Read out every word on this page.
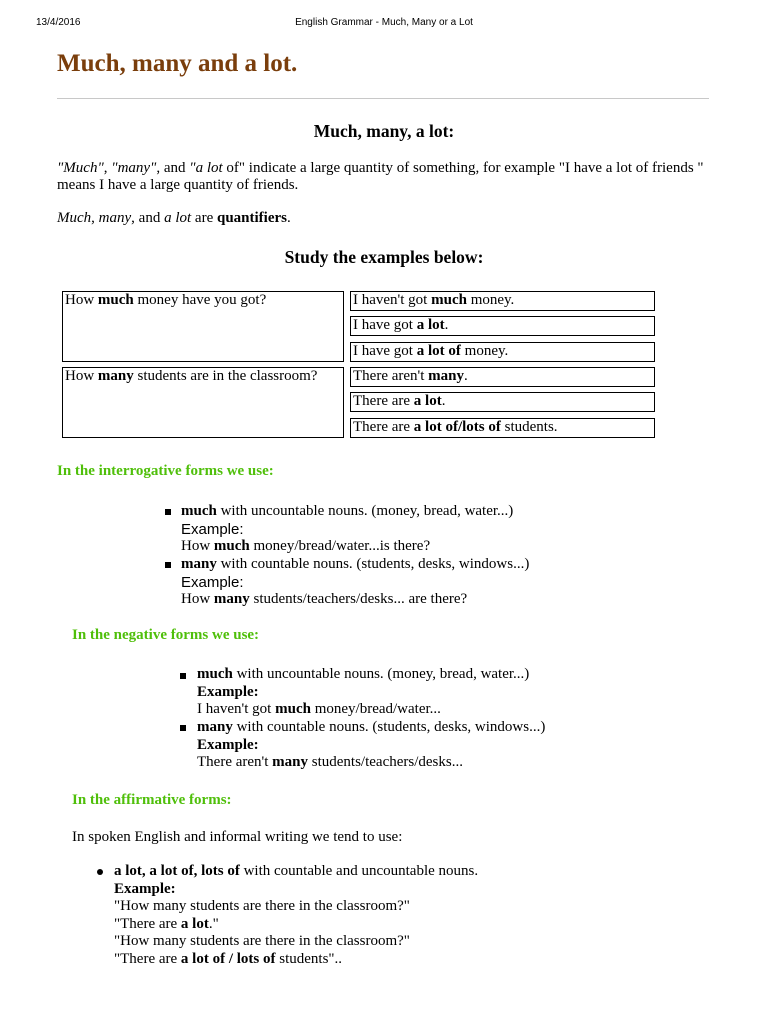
13/4/2016	English Grammar - Much, Many or a Lot
Much, many and a lot.
Much, many, a lot:

"Much", "many", and "a lot of" indicate a large quantity of something, for example "I have a lot of friends " means I have a large quantity of friends.

Much, many, and a lot are quantifiers.

Study the examples below:
How much money have you got?
How many students are in the classroom?
I haven't got much money.
I have got a lot.
I have got a lot of money.
There aren't many.
There are a lot.
There are a lot of/lots of students.

In the interrogative forms we use:

much with uncountable nouns. (money, bread, water...)
Example:
How much money/bread/water...is there?
many with countable nouns. (students, desks, windows...)
Example:
How many students/teachers/desks... are there?

In the negative forms we use:

much with uncountable nouns. (money, bread, water...)
Example:
I haven't got much money/bread/water...
many with countable nouns. (students, desks, windows...)
Example:
There aren't many students/teachers/desks...

In the affirmative forms:

In spoken English and informal writing we tend to use:

a lot, a lot of, lots of with countable and uncountable nouns.
Example:
"How many students are there in the classroom?"
"There are a lot."
"How many students are there in the classroom?"
"There are a lot of / lots of students"..
